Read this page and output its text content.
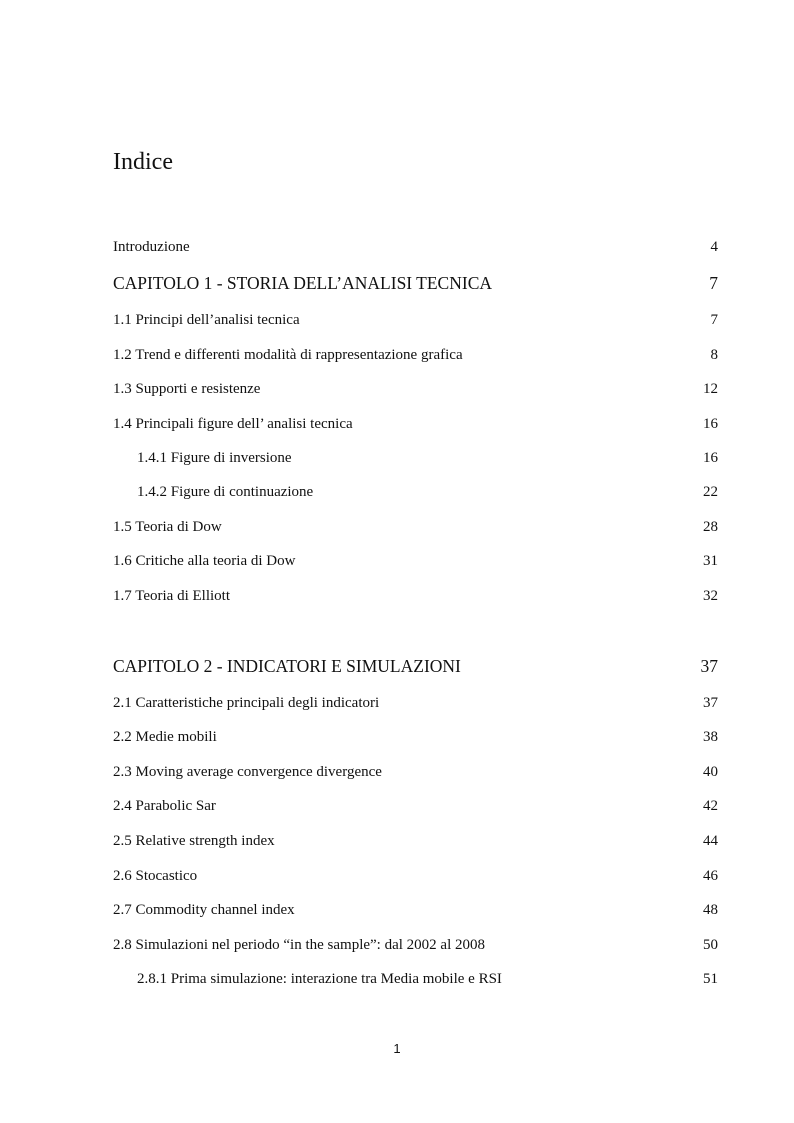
Indice
Introduzione	4
CAPITOLO 1 - STORIA DELL’ANALISI TECNICA	7
1.1 Principi dell’analisi tecnica	7
1.2 Trend e differenti modalità di rappresentazione grafica	8
1.3 Supporti e resistenze	12
1.4 Principali figure dell’ analisi tecnica	16
1.4.1 Figure di inversione	16
1.4.2 Figure di continuazione	22
1.5 Teoria di Dow	28
1.6 Critiche alla teoria di Dow	31
1.7 Teoria di Elliott	32
CAPITOLO 2 - INDICATORI E SIMULAZIONI	37
2.1 Caratteristiche principali degli indicatori	37
2.2 Medie mobili	38
2.3 Moving average convergence divergence	40
2.4 Parabolic Sar	42
2.5 Relative strength index	44
2.6 Stocastico	46
2.7 Commodity channel index	48
2.8 Simulazioni nel periodo “in the sample”: dal 2002 al 2008	50
2.8.1 Prima simulazione: interazione tra Media mobile e RSI	51
1
